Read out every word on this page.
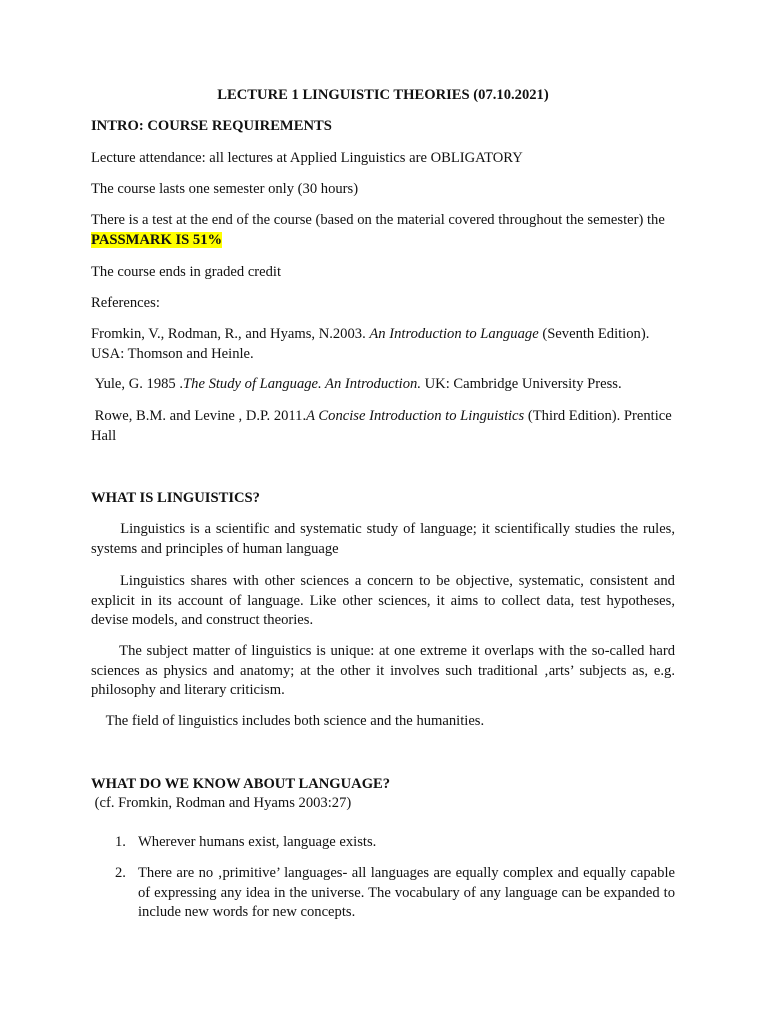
LECTURE 1 LINGUISTIC THEORIES (07.10.2021)

INTRO: COURSE REQUIREMENTS

Lecture attendance: all lectures at Applied Linguistics are OBLIGATORY

The course lasts one semester only (30 hours)

There is a test at the end of the course (based on the material covered throughout the semester) the PASSMARK IS 51%

The course ends in graded credit

References:

Fromkin, V., Rodman, R., and Hyams, N.2003. An Introduction to Language (Seventh Edition). USA: Thomson and Heinle.

Yule, G. 1985 .The Study of Language. An Introduction. UK: Cambridge University Press.

Rowe, B.M. and Levine , D.P. 2011.A Concise Introduction to Linguistics (Third Edition). Prentice Hall

WHAT IS LINGUISTICS?

Linguistics is a scientific and systematic study of language; it scientifically studies the rules, systems and principles of human language

Linguistics shares with other sciences a concern to be objective, systematic, consistent and explicit in its account of language. Like other sciences, it aims to collect data, test hypotheses, devise models, and construct theories.

The subject matter of linguistics is unique: at one extreme it overlaps with the so-called hard sciences as physics and anatomy; at the other it involves such traditional ‚arts’ subjects as, e.g. philosophy and literary criticism.

The field of linguistics includes both science and the humanities.

WHAT DO WE KNOW ABOUT LANGUAGE?

(cf. Fromkin, Rodman and Hyams 2003:27)

1. Wherever humans exist, language exists.
2. There are no ‚primitive’ languages- all languages are equally complex and equally capable of expressing any idea in the universe. The vocabulary of any language can be expanded to include new words for new concepts.
